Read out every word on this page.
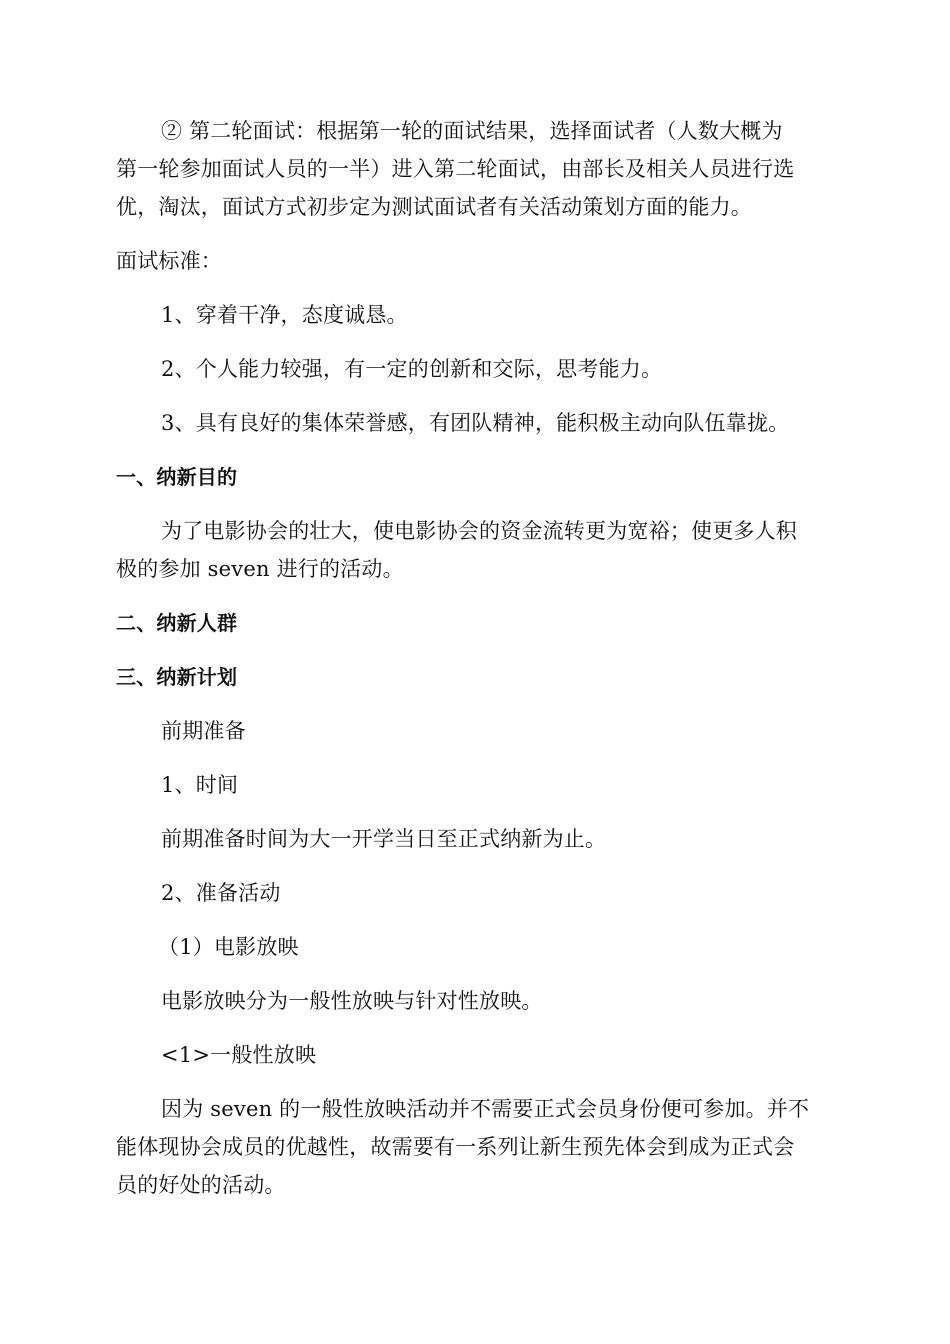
② 第二轮面试：根据第一轮的面试结果，选择面试者（人数大概为
第一轮参加面试人员的一半）进入第二轮面试，由部长及相关人员进行选
优，淘汰，面试方式初步定为测试面试者有关活动策划方面的能力。
面试标准：
1、穿着干净，态度诚恳。
2、个人能力较强，有一定的创新和交际，思考能力。
3、具有良好的集体荣誉感，有团队精神，能积极主动向队伍靠拢。
一、纳新目的
为了电影协会的壮大，使电影协会的资金流转更为宽裕；使更多人积
极的参加 seven 进行的活动。
二、纳新人群
三、纳新计划
前期准备
1、时间
前期准备时间为大一开学当日至正式纳新为止。
2、准备活动
（1）电影放映
电影放映分为一般性放映与针对性放映。
<1>一般性放映
因为 seven 的一般性放映活动并不需要正式会员身份便可参加。并不
能体现协会成员的优越性，故需要有一系列让新生预先体会到成为正式会
员的好处的活动。
